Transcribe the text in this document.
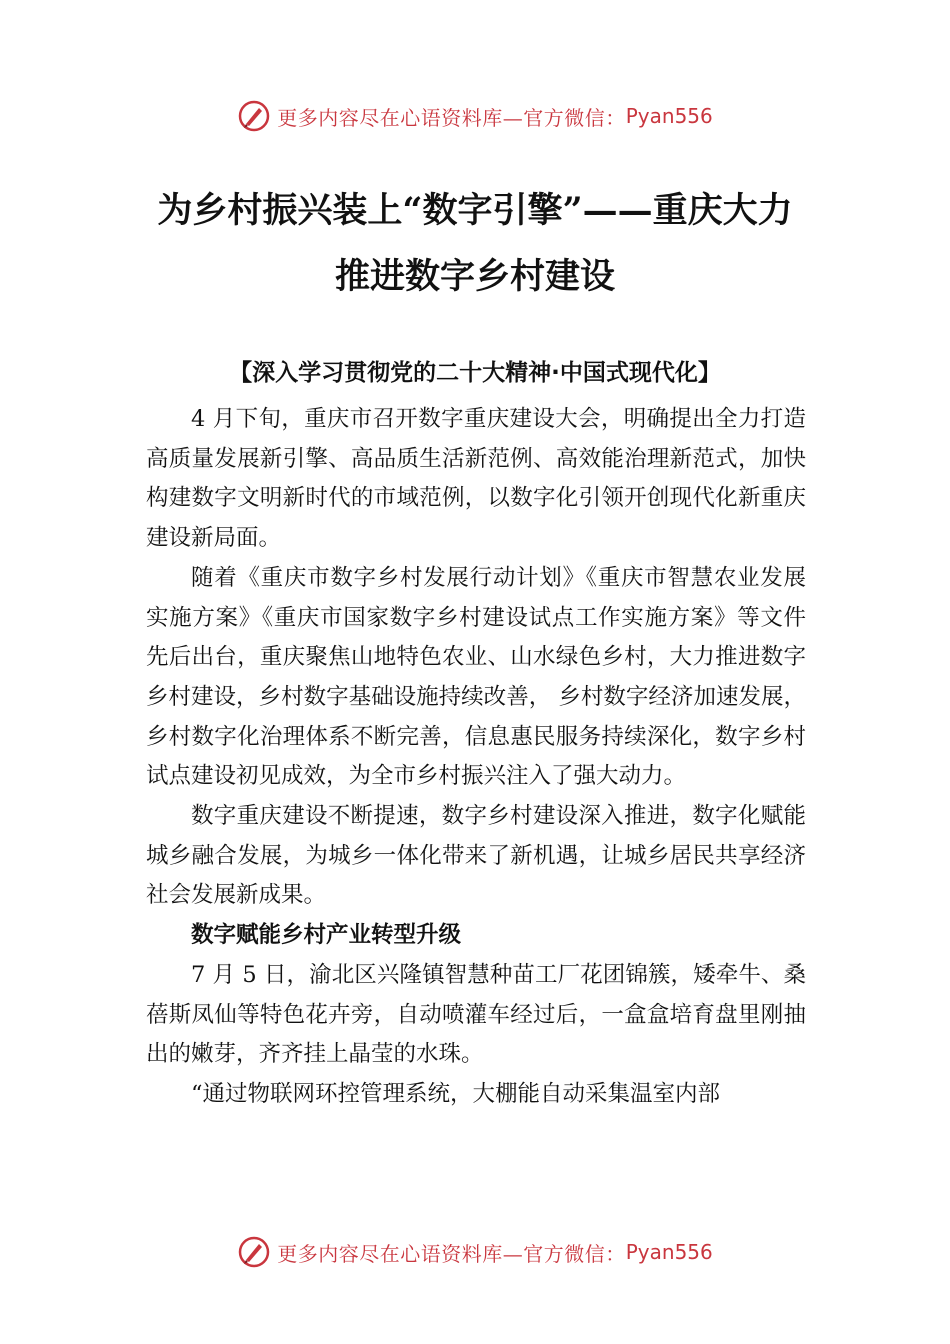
更多内容尽在心语资料库—官方微信： Pyan556
为乡村振兴装上“数字引擎”——重庆大力推进数字乡村建设
【深入学习贯彻党的二十大精神·中国式现代化】

4 月下旬，重庆市召开数字重庆建设大会，明确提出全力打造高质量发展新引擎、高品质生活新范例、高效能治理新范式，加快构建数字文明新时代的市域范例，以数字化引领开创现代化新重庆建设新局面。

随着《重庆市数字乡村发展行动计划》《重庆市智慧农业发展实施方案》《重庆市国家数字乡村建设试点工作实施方案》等文件先后出台，重庆聚焦山地特色农业、山水绿色乡村，大力推进数字乡村建设，乡村数字基础设施持续改善， 乡村数字经济加速发展，乡村数字化治理体系不断完善，信息惠民服务持续深化，数字乡村试点建设初见成效，为全市乡村振兴注入了强大动力。

数字重庆建设不断提速，数字乡村建设深入推进，数字化赋能城乡融合发展，为城乡一体化带来了新机遇，让城乡居民共享经济社会发展新成果。

数字赋能乡村产业转型升级

7 月 5 日，渝北区兴隆镇智慧种苗工厂花团锦簇，矮牵牛、桑蓓斯凤仙等特色花卉旁，自动喷灌车经过后，一盒盒培育盘里刚抽出的嫩芽，齐齐挂上晶莹的水珠。

“通过物联网环控管理系统，大棚能自动采集温室内部

更多内容尽在心语资料库—官方微信： Pyan556
